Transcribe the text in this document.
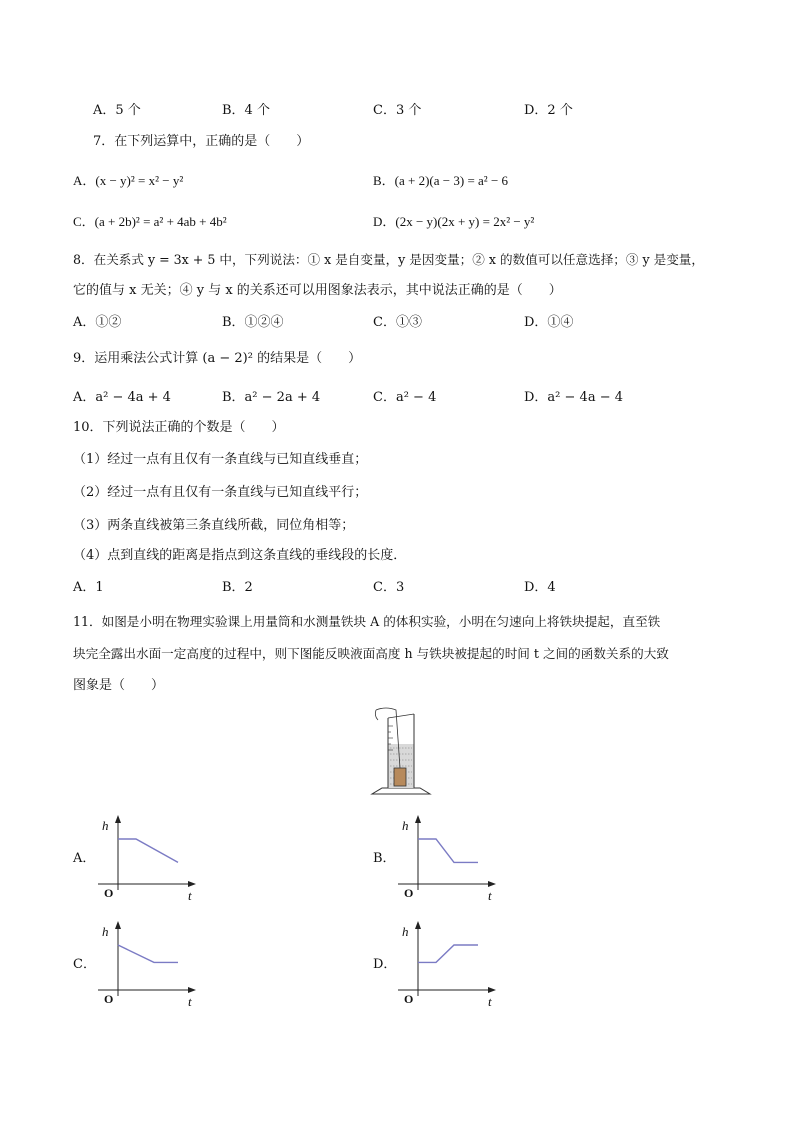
A．5 个	B．4 个	C．3 个	D．2 个
7．在下列运算中，正确的是（　　）
A．(x − y)² = x² − y²	B．(a + 2)(a − 3) = a² − 6
C．(a + 2b)² = a² + 4ab + 4b²	D．(2x − y)(2x + y) = 2x² − y²
8．在关系式 y = 3x + 5 中，下列说法：① x 是自变量，y 是因变量；② x 的数值可以任意选择；③ y 是变量，
它的值与 x 无关；④ y 与 x 的关系还可以用图象法表示，其中说法正确的是（　　）
A．①②	B．①②④	C．①③	D．①④
9．运用乘法公式计算 (a − 2)² 的结果是（　　）
A．a² − 4a + 4	B．a² − 2a + 4	C．a² − 4	D．a² − 4a − 4
10．下列说法正确的个数是（　　）
（1）经过一点有且仅有一条直线与已知直线垂直；
（2）经过一点有且仅有一条直线与已知直线平行；
（3）两条直线被第三条直线所截，同位角相等；
（4）点到直线的距离是指点到这条直线的垂线段的长度．
A．1	B．2	C．3	D．4
11．如图是小明在物理实验课上用量筒和水测量铁块 A 的体积实验，小明在匀速向上将铁块提起，直至铁
块完全露出水面一定高度的过程中，则下图能反映液面高度 h 与铁块被提起的时间 t 之间的函数关系的大致
图象是（　　）
A．	B．
C．	D．
h
t
O
h
t
O
h
t
O
h
t
O
